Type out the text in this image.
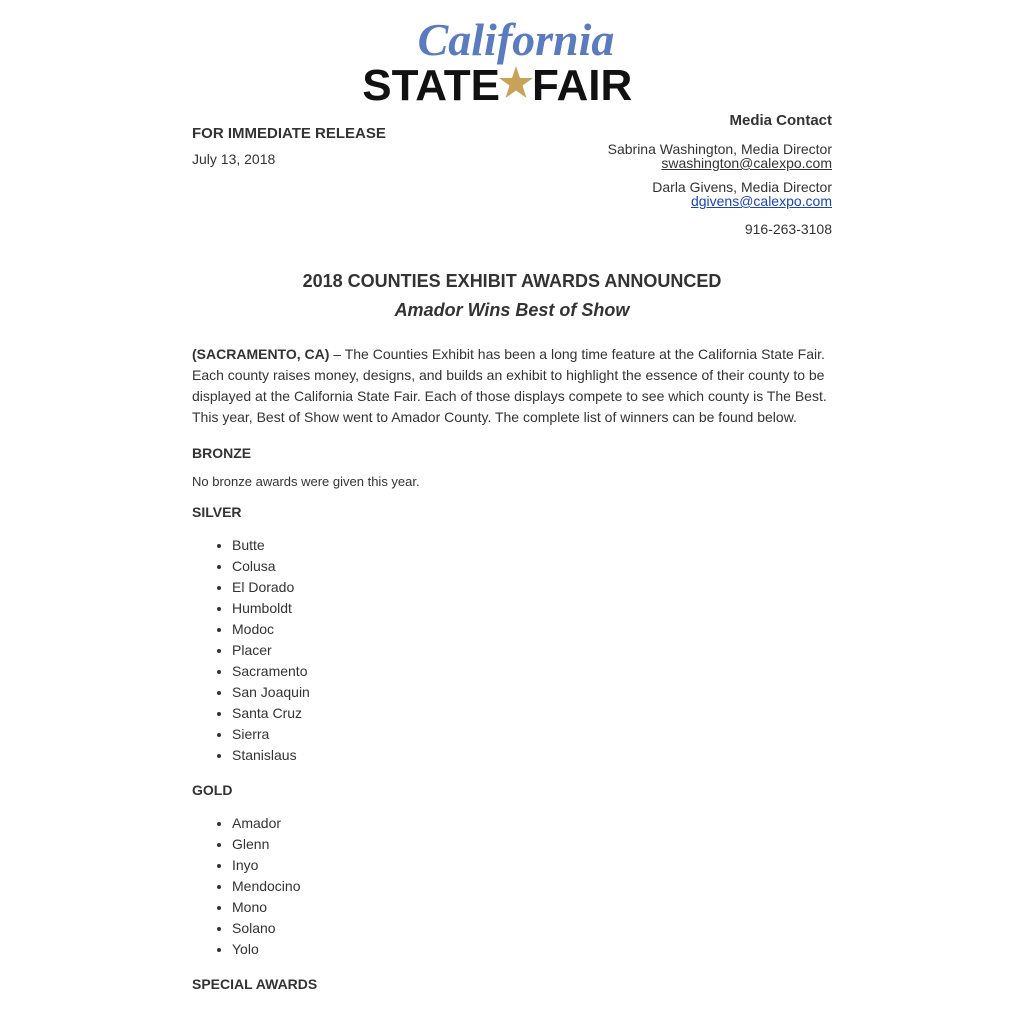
California
STATE FAIR

FOR IMMEDIATE RELEASE

July 13, 2018

Media Contact

Sabrina Washington, Media Director
swashington@calexpo.com
Darla Givens, Media Director
dgivens@calexpo.com
916-263-3108
2018 COUNTIES EXHIBIT AWARDS ANNOUNCED
Amador Wins Best of Show

(SACRAMENTO, CA) – The Counties Exhibit has been a long time feature at the California State Fair. Each county raises money, designs, and builds an exhibit to highlight the essence of their county to be displayed at the California State Fair. Each of those displays compete to see which county is The Best. This year, Best of Show went to Amador County. The complete list of winners can be found below.

BRONZE

No bronze awards were given this year.

SILVER

• Butte
• Colusa
• El Dorado
• Humboldt
• Modoc
• Placer
• Sacramento
• San Joaquin
• Santa Cruz
• Sierra
• Stanislaus

GOLD

• Amador
• Glenn
• Inyo
• Mendocino
• Mono
• Solano
• Yolo

SPECIAL AWARDS
